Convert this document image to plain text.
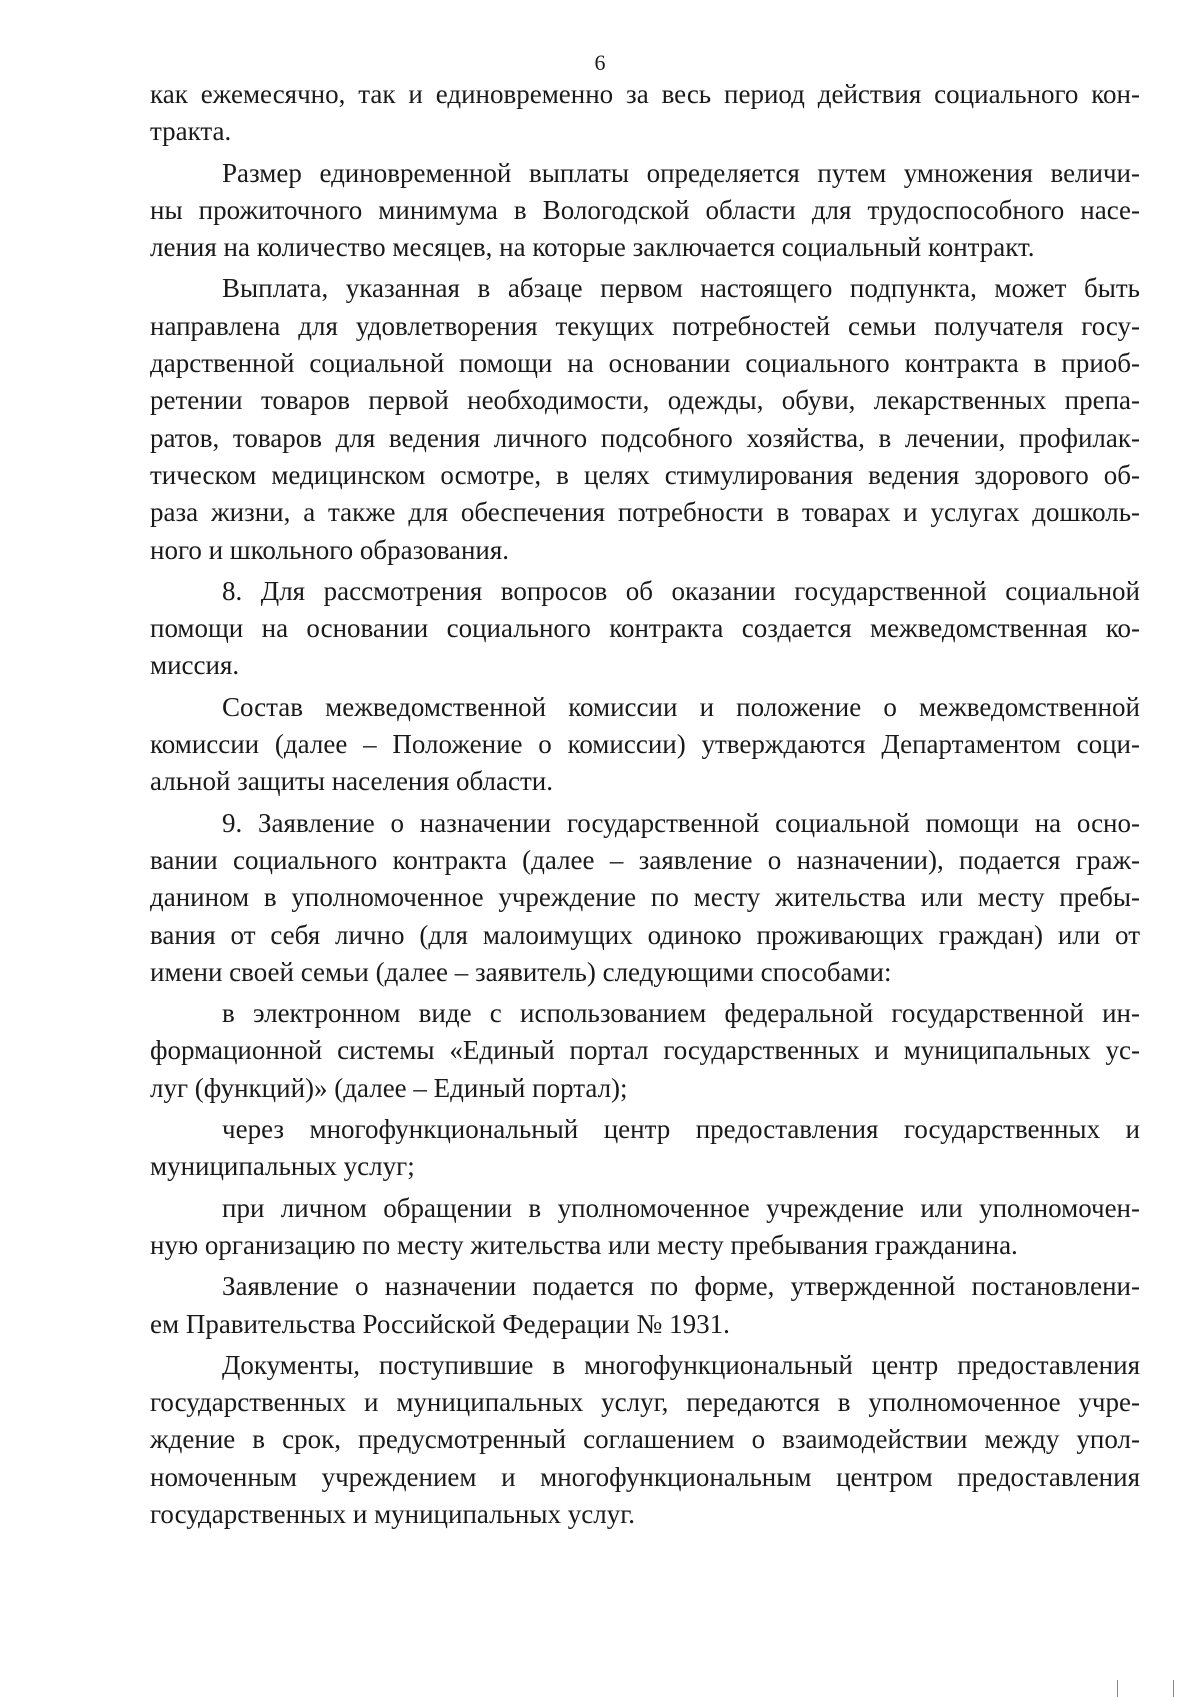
6
как ежемесячно, так и единовременно за весь период действия социального кон-
тракта.
Размер единовременной выплаты определяется путем умножения величи-
ны прожиточного минимума в Вологодской области для трудоспособного насе-
ления на количество месяцев, на которые заключается социальный контракт.
Выплата, указанная в абзаце первом настоящего подпункта, может быть
направлена для удовлетворения текущих потребностей семьи получателя госу-
дарственной социальной помощи на основании социального контракта в приоб-
ретении товаров первой необходимости, одежды, обуви, лекарственных препа-
ратов, товаров для ведения личного подсобного хозяйства, в лечении, профилак-
тическом медицинском осмотре, в целях стимулирования ведения здорового об-
раза жизни, а также для обеспечения потребности в товарах и услугах дошколь-
ного и школьного образования.
8. Для рассмотрения вопросов об оказании государственной социальной
помощи на основании социального контракта создается межведомственная ко-
миссия.
Состав межведомственной комиссии и положение о межведомственной
комиссии (далее – Положение о комиссии) утверждаются Департаментом соци-
альной защиты населения области.
9. Заявление о назначении государственной социальной помощи на осно-
вании социального контракта (далее – заявление о назначении), подается граж-
данином в уполномоченное учреждение по месту жительства или месту пребы-
вания от себя лично (для малоимущих одиноко проживающих граждан) или от
имени своей семьи (далее – заявитель) следующими способами:
в электронном виде с использованием федеральной государственной ин-
формационной системы «Единый портал государственных и муниципальных ус-
луг (функций)» (далее – Единый портал);
через многофункциональный центр предоставления государственных и
муниципальных услуг;
при личном обращении в уполномоченное учреждение или уполномочен-
ную организацию по месту жительства или месту пребывания гражданина.
Заявление о назначении подается по форме, утвержденной постановлени-
ем Правительства Российской Федерации № 1931.
Документы, поступившие в многофункциональный центр предоставления
государственных и муниципальных услуг, передаются в уполномоченное учре-
ждение в срок, предусмотренный соглашением о взаимодействии между упол-
номоченным учреждением и многофункциональным центром предоставления
государственных и муниципальных услуг.
